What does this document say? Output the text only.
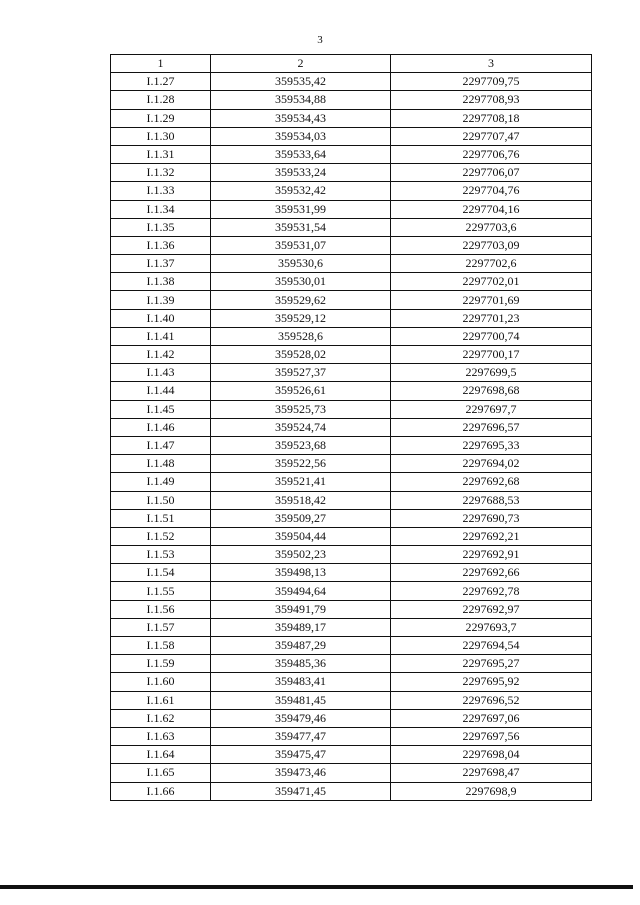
3
1	2	3
I.1.27	359535,42	2297709,75
I.1.28	359534,88	2297708,93
I.1.29	359534,43	2297708,18
I.1.30	359534,03	2297707,47
I.1.31	359533,64	2297706,76
I.1.32	359533,24	2297706,07
I.1.33	359532,42	2297704,76
I.1.34	359531,99	2297704,16
I.1.35	359531,54	2297703,6
I.1.36	359531,07	2297703,09
I.1.37	359530,6	2297702,6
I.1.38	359530,01	2297702,01
I.1.39	359529,62	2297701,69
I.1.40	359529,12	2297701,23
I.1.41	359528,6	2297700,74
I.1.42	359528,02	2297700,17
I.1.43	359527,37	2297699,5
I.1.44	359526,61	2297698,68
I.1.45	359525,73	2297697,7
I.1.46	359524,74	2297696,57
I.1.47	359523,68	2297695,33
I.1.48	359522,56	2297694,02
I.1.49	359521,41	2297692,68
I.1.50	359518,42	2297688,53
I.1.51	359509,27	2297690,73
I.1.52	359504,44	2297692,21
I.1.53	359502,23	2297692,91
I.1.54	359498,13	2297692,66
I.1.55	359494,64	2297692,78
I.1.56	359491,79	2297692,97
I.1.57	359489,17	2297693,7
I.1.58	359487,29	2297694,54
I.1.59	359485,36	2297695,27
I.1.60	359483,41	2297695,92
I.1.61	359481,45	2297696,52
I.1.62	359479,46	2297697,06
I.1.63	359477,47	2297697,56
I.1.64	359475,47	2297698,04
I.1.65	359473,46	2297698,47
I.1.66	359471,45	2297698,9
